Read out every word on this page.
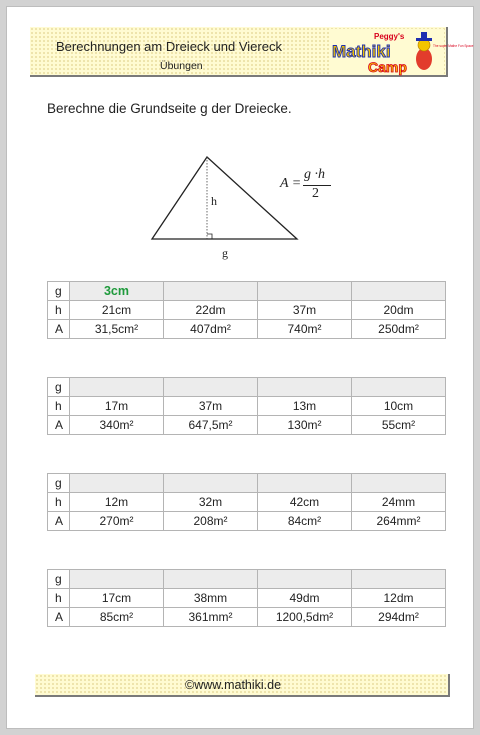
Berechnungen am Dreieck und Viereck
Übungen
Peggy's
Mathiki
Camp
The super Mathe Fun Space
Berechne die Grundseite g der Dreiecke.
h
g
A =
g ·h
2
g	3cm			
h	21cm	22dm	37m	20dm
A	31,5cm²	407dm²	740m²	250dm²
g				
h	17m	37m	13m	10cm
A	340m²	647,5m²	130m²	55cm²
g				
h	12m	32m	42cm	24mm
A	270m²	208m²	84cm²	264mm²
g				
h	17cm	38mm	49dm	12dm
A	85cm²	361mm²	1200,5dm²	294dm²
©www.mathiki.de
